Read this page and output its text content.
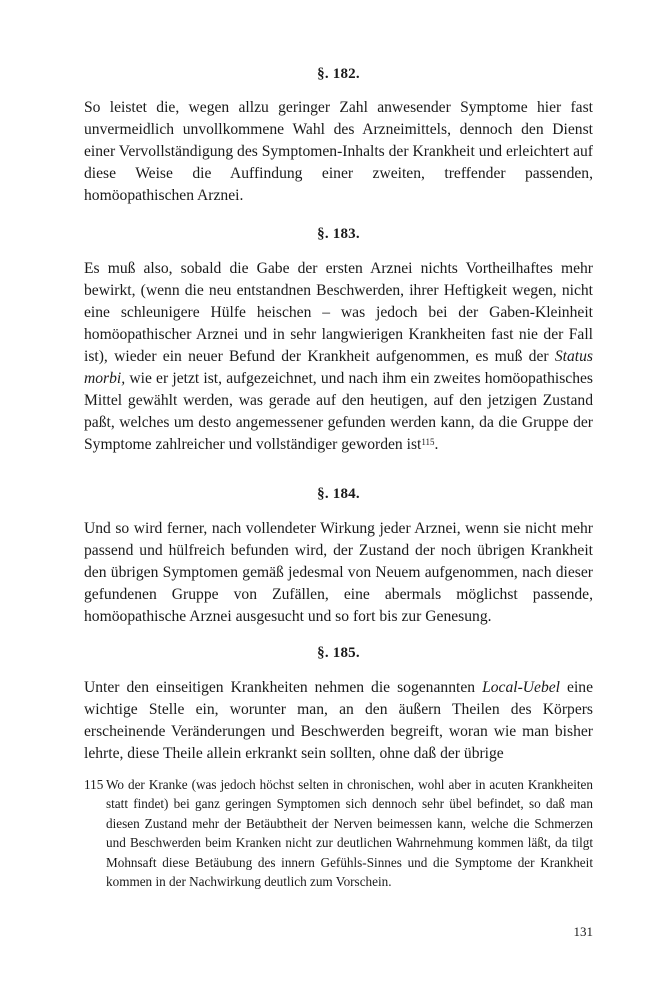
§. 182.

So leistet die, wegen allzu geringer Zahl anwesender Symptome hier fast unvermeidlich unvollkommene Wahl des Arzneimittels, dennoch den Dienst einer Vervollständigung des Symptomen-Inhalts der Krankheit und erleichtert auf diese Weise die Auffindung einer zweiten, treffender passenden, homöopathischen Arznei.

§. 183.

Es muß also, sobald die Gabe der ersten Arznei nichts Vortheilhaftes mehr bewirkt, (wenn die neu entstandnen Beschwerden, ihrer Heftigkeit wegen, nicht eine schleunigere Hülfe heischen – was jedoch bei der Gaben-Kleinheit homöopathischer Arznei und in sehr langwierigen Krankheiten fast nie der Fall ist), wieder ein neuer Befund der Krankheit aufgenommen, es muß der Status morbi, wie er jetzt ist, aufgezeichnet, und nach ihm ein zweites homöopathisches Mittel gewählt werden, was gerade auf den heutigen, auf den jetzigen Zustand paßt, welches um desto angemessener gefunden werden kann, da die Gruppe der Symptome zahlreicher und vollständiger geworden ist$^{115}$.

§. 184.

Und so wird ferner, nach vollendeter Wirkung jeder Arznei, wenn sie nicht mehr passend und hülfreich befunden wird, der Zustand der noch übrigen Krankheit den übrigen Symptomen gemäß jedesmal von Neuem aufgenommen, nach dieser gefundenen Gruppe von Zufällen, eine abermals möglichst passende, homöopathische Arznei ausgesucht und so fort bis zur Genesung.

§. 185.

Unter den einseitigen Krankheiten nehmen die sogenannten Local-Uebel eine wichtige Stelle ein, worunter man, an den äußern Theilen des Körpers erscheinende Veränderungen und Beschwerden begreift, woran wie man bisher lehrte, diese Theile allein erkrankt sein sollten, ohne daß der übrige

115 Wo der Kranke (was jedoch höchst selten in chronischen, wohl aber in acuten Krankheiten statt findet) bei ganz geringen Symptomen sich dennoch sehr übel befindet, so daß man diesen Zustand mehr der Betäubtheit der Nerven beimessen kann, welche die Schmerzen und Beschwerden beim Kranken nicht zur deutlichen Wahrnehmung kommen läßt, da tilgt Mohnsaft diese Betäubung des innern Gefühls-Sinnes und die Symptome der Krankheit kommen in der Nachwirkung deutlich zum Vorschein.
131
